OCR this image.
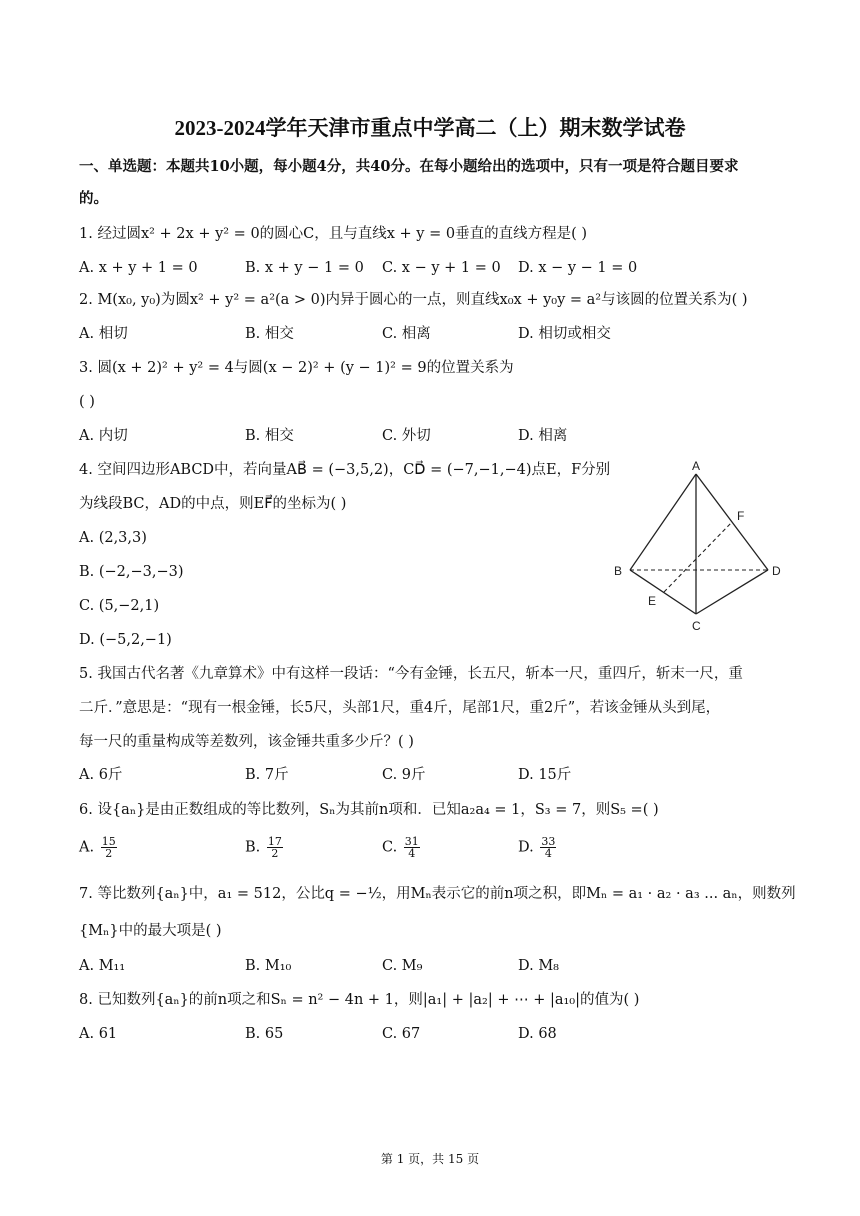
2023-2024学年天津市重点中学高二（上）期末数学试卷
一、单选题：本题共10小题，每小题4分，共40分。在每小题给出的选项中，只有一项是符合题目要求
的。
1. 经过圆x² + 2x + y² = 0的圆心C，且与直线x + y = 0垂直的直线方程是( )
A. x + y + 1 = 0	B. x + y − 1 = 0 C. x − y + 1 = 0 D. x − y − 1 = 0
2. M(x₀, y₀)为圆x² + y² = a²(a > 0)内异于圆心的一点，则直线x₀x + y₀y = a²与该圆的位置关系为( )
A. 相切	B. 相交	C. 相离	D. 相切或相交
3. 圆(x + 2)² + y² = 4与圆(x − 2)² + (y − 1)² = 9的位置关系为
( )
A. 内切	B. 相交	C. 外切	D. 相离
4. 空间四边形ABCD中，若向量AB⃗ = (−3,5,2)，CD⃗ = (−7,−1,−4)点E，F分别
为线段BC，AD的中点，则EF⃗的坐标为( )
A. (2,3,3)
B. (−2,−3,−3)
C. (5,−2,1)
D. (−5,2,−1)
A
B
C
D
E
F
5. 我国古代名著《九章算术》中有这样一段话：“今有金锤，长五尺，斩本一尺，重四斤，斩末一尺，重
二斤．”意思是：“现有一根金锤，长5尺，头部1尺，重4斤，尾部1尺，重2斤”，若该金锤从头到尾，
每一尺的重量构成等差数列，该金锤共重多少斤？( )
A. 6斤	B. 7斤	C. 9斤	D. 15斤
6. 设{aₙ}是由正数组成的等比数列，Sₙ为其前n项和．已知a₂a₄ = 1，S₃ = 7，则S₅ =( )
A. $\frac{15}{2}$	B. $\frac{17}{2}$	C. $\frac{31}{4}$	D. $\frac{33}{4}$
7. 等比数列{aₙ}中，a₁ = 512，公比q = −½，用Mₙ表示它的前n项之积，即Mₙ = a₁ · a₂ · a₃ ... aₙ，则数列
{Mₙ}中的最大项是( )
A. M₁₁	B. M₁₀	C. M₉	D. M₈
8. 已知数列{aₙ}的前n项之和Sₙ = n² − 4n + 1，则|a₁| + |a₂| + ⋯ + |a₁₀|的值为( )
A. 61	B. 65	C. 67	D. 68
第 1 页，共 15 页
